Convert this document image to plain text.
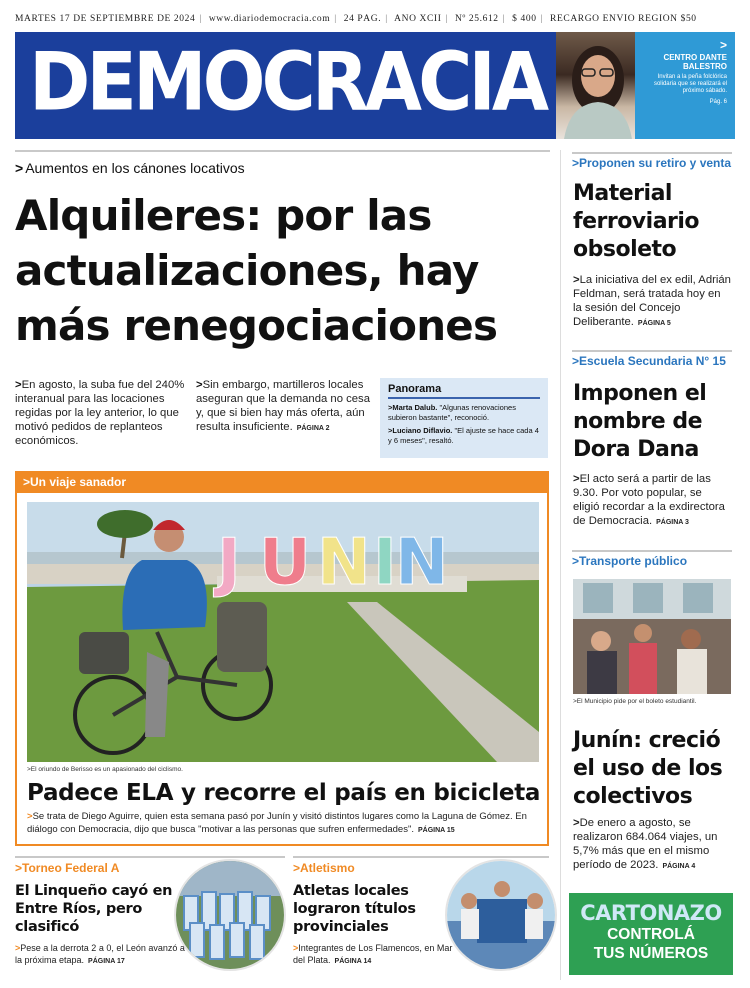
MARTES 17 DE SEPTIEMBRE DE 2024 | www.diariodemocracia.com | 24 PÁG. | AÑO XCII | Nº 25.612 | $ 400 | RECARGO ENVÍO REGIÓN $50
DEMOCRACIA	>
CENTRO DANTE BALESTRO
Invitan a la peña folclórica solidaria que se realizará el próximo sábado.
Pág. 6
> Aumentos en los cánones locativos
Alquileres: por las actualizaciones, hay más renegociaciones
>En agosto, la suba fue del 240% interanual para las locaciones regidas por la ley anterior, lo que motivó pedidos de replanteos económicos.
>Sin embargo, martilleros locales aseguran que la demanda no cesa y, que si bien hay más oferta, aún resulta insuficiente. PÁGINA 2
Panorama
>Marta Dalub. "Algunas renovaciones subieron bastante", reconoció.
>Luciano Diflavio. "El ajuste se hace cada 4 y 6 meses", resaltó.
>Un viaje sanador
J U N I
N
>El oriundo de Berisso es un apasionado del ciclismo.
Padece ELA y recorre el país en bicicleta
>Se trata de Diego Aguirre, quien esta semana pasó por Junín y visitó distintos lugares como la Laguna de Gómez. En diálogo con Democracia, dijo que busca "motivar a las personas que sufren enfermedades". PÁGINA 15
>Torneo Federal A
El Linqueño cayó en Entre Ríos, pero clasificó
>Pese a la derrota 2 a 0, el León avanzó a la próxima etapa. PÁGINA 17
>Atletismo
Atletas locales lograron títulos provinciales
>Integrantes de Los Flamencos, en Mar del Plata. PÁGINA 14
>Proponen su retiro y venta
Material ferroviario obsoleto
>La iniciativa del ex edil, Adrián Feldman, será tratada hoy en la sesión del Concejo Deliberante. PÁGINA 5
>Escuela Secundaria N° 15
Imponen el nombre de Dora Dana
>El acto será a partir de las 9.30. Por voto popular, se eligió recordar a la exdirectora de Democracia. PÁGINA 3
>Transporte público
>El Municipio pide por el boleto estudiantil.
Junín: creció el uso de los colectivos
>De enero a agosto, se realizaron 684.064 viajes, un 5,7% más que en el mismo período de 2023. PÁGINA 4
CARTONAZO
CONTROLÁ
TUS NÚMEROS
